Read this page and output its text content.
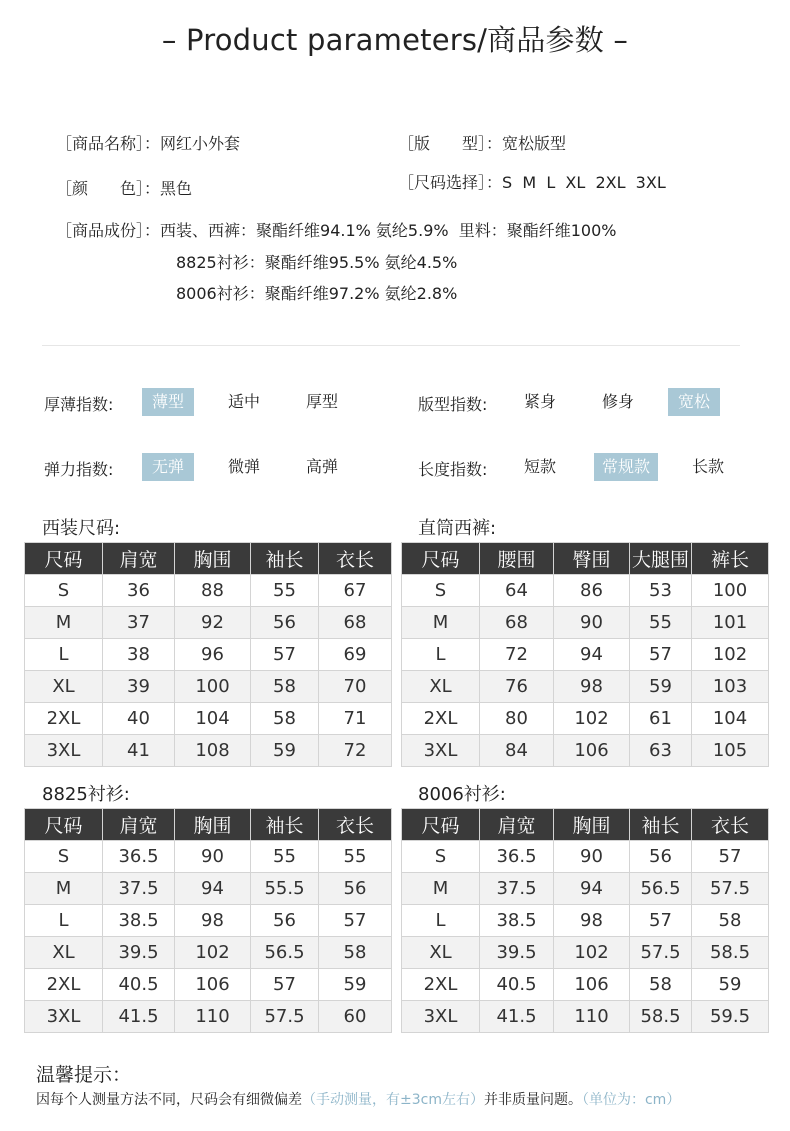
– Product parameters/商品参数 –
［商品名称］：网红小外套	［版　　型］：宽松版型
［颜　　色］：黑色	［尺码选择］：S  M  L  XL  2XL  3XL
［商品成份］：西装、西裤：聚酯纤维94.1% 氨纶5.9%  里料：聚酯纤维100%
8825衬衫：聚酯纤维95.5% 氨纶4.5%
8006衬衫：聚酯纤维97.2% 氨纶2.8%
厚薄指数:	薄型	适中	厚型	版型指数:	紧身	修身	宽松
弹力指数:	无弹	微弹	高弹	长度指数:	短款	常规款	长款
西装尺码:	直筒西裤:
8825衬衫:	8006衬衫:
尺码	肩宽	胸围	袖长	衣长
S	36	88	55	67
M	37	92	56	68
L	38	96	57	69
XL	39	100	58	70
2XL	40	104	58	71
3XL	41	108	59	72
尺码	腰围	臀围	大腿围	裤长
S	64	86	53	100
M	68	90	55	101
L	72	94	57	102
XL	76	98	59	103
2XL	80	102	61	104
3XL	84	106	63	105
尺码	肩宽	胸围	袖长	衣长
S	36.5	90	55	55
M	37.5	94	55.5	56
L	38.5	98	56	57
XL	39.5	102	56.5	58
2XL	40.5	106	57	59
3XL	41.5	110	57.5	60
尺码	肩宽	胸围	袖长	衣长
S	36.5	90	56	57
M	37.5	94	56.5	57.5
L	38.5	98	57	58
XL	39.5	102	57.5	58.5
2XL	40.5	106	58	59
3XL	41.5	110	58.5	59.5
温馨提示：
因每个人测量方法不同，尺码会有细微偏差（手动测量，有±3cm左右）并非质量问题。（单位为：cm）
